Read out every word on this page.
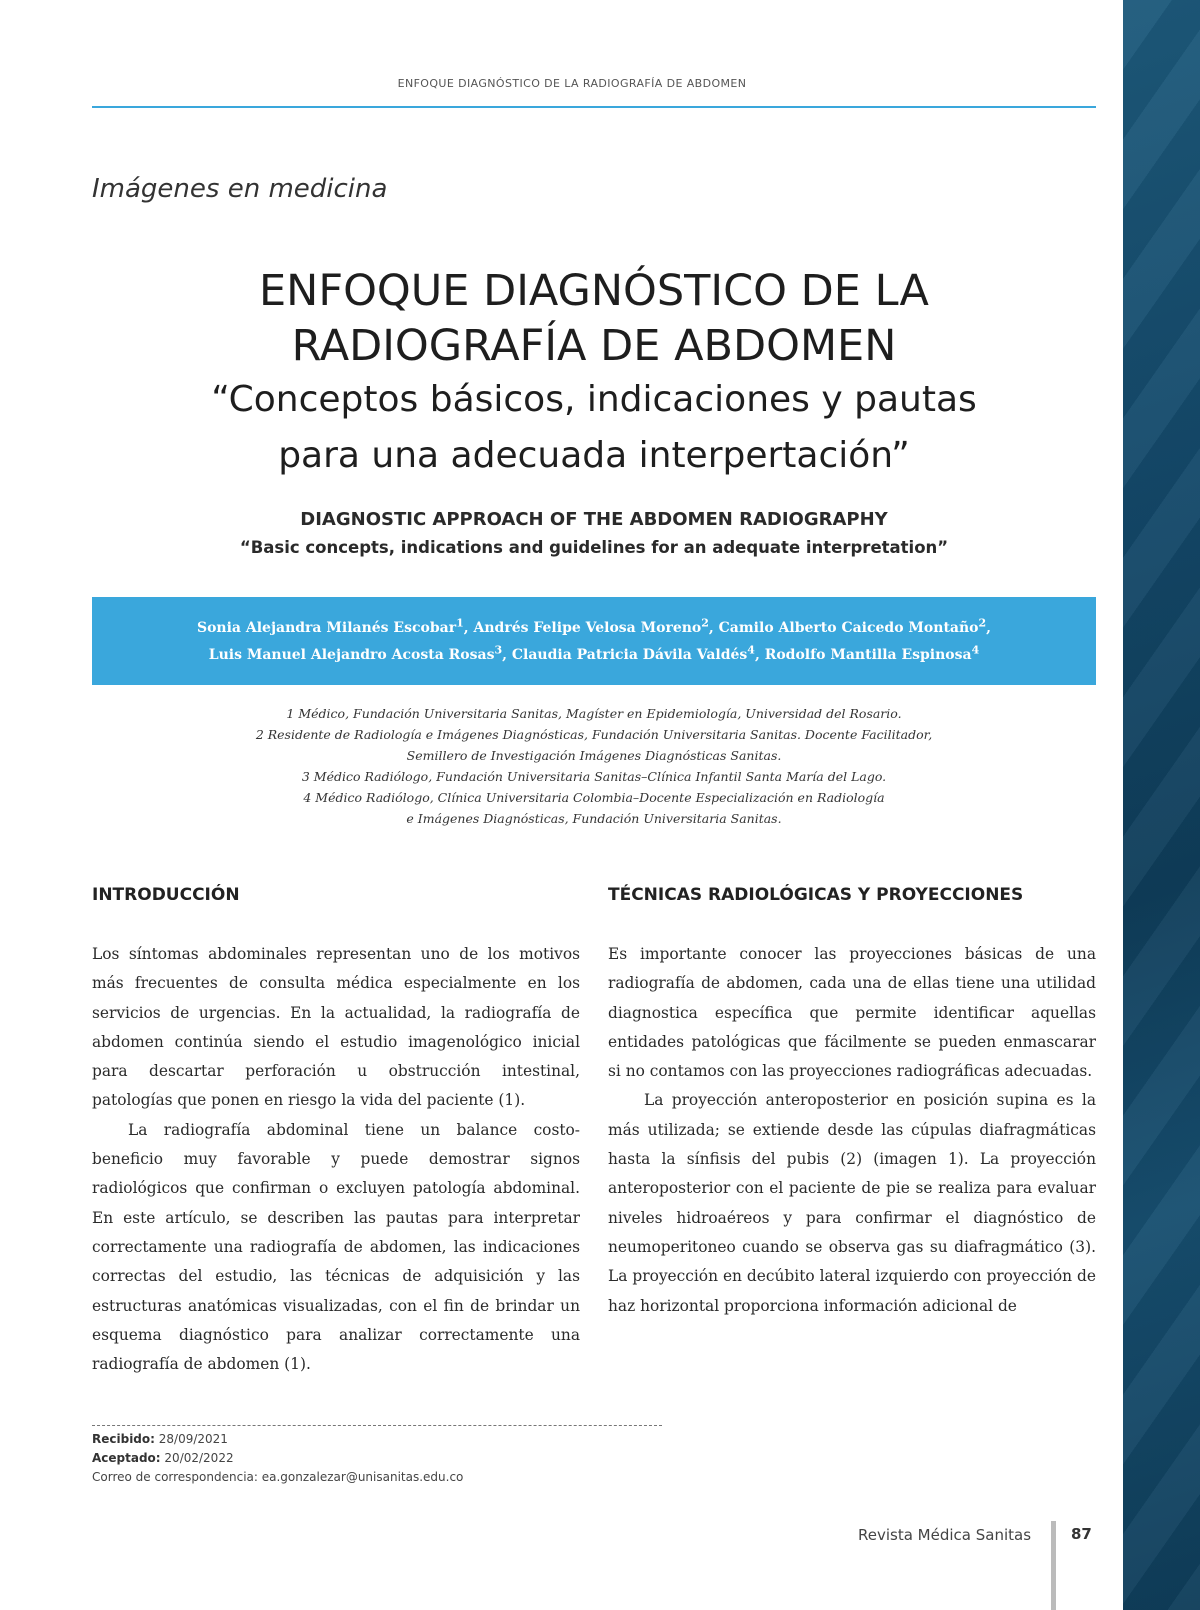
ENFOQUE DIAGNÓSTICO DE LA RADIOGRAFÍA DE ABDOMEN
Imágenes en medicina
ENFOQUE DIAGNÓSTICO DE LA
RADIOGRAFÍA DE ABDOMEN
“Conceptos básicos, indicaciones y pautas
para una adecuada interpertación”
DIAGNOSTIC APPROACH OF THE ABDOMEN RADIOGRAPHY
“Basic concepts, indications and guidelines for an adequate interpretation”
Sonia Alejandra Milanés Escobar$^1$, Andrés Felipe Velosa Moreno$^2$, Camilo Alberto Caicedo Montaño$^2$,
Luis Manuel Alejandro Acosta Rosas$^3$, Claudia Patricia Dávila Valdés$^4$, Rodolfo Mantilla Espinosa$^4$
1 Médico, Fundación Universitaria Sanitas, Magíster en Epidemiología, Universidad del Rosario.
2 Residente de Radiología e Imágenes Diagnósticas, Fundación Universitaria Sanitas. Docente Facilitador,
Semillero de Investigación Imágenes Diagnósticas Sanitas.
3 Médico Radiólogo, Fundación Universitaria Sanitas–Clínica Infantil Santa María del Lago.
4 Médico Radiólogo, Clínica Universitaria Colombia–Docente Especialización en Radiología
e Imágenes Diagnósticas, Fundación Universitaria Sanitas.
INTRODUCCIÓN	TÉCNICAS RADIOLÓGICAS Y PROYECCIONES

Los síntomas abdominales representan uno de los motivos más frecuentes de consulta médica especialmente en los servicios de urgencias. En la actualidad, la radiografía de abdomen continúa siendo el estudio imagenológico inicial para descartar perforación u obstrucción intestinal, patologías que ponen en riesgo la vida del paciente (1).

La radiografía abdominal tiene un balance costo-beneficio muy favorable y puede demostrar signos radiológicos que confirman o excluyen patología abdominal. En este artículo, se describen las pautas para interpretar correctamente una radiografía de abdomen, las indicaciones correctas del estudio, las técnicas de adquisición y las estructuras anatómicas visualizadas, con el fin de brindar un esquema diagnóstico para analizar correctamente una radiografía de abdomen (1).

Es importante conocer las proyecciones básicas de una radiografía de abdomen, cada una de ellas tiene una utilidad diagnostica específica que permite identificar aquellas entidades patológicas que fácilmente se pueden enmascarar si no contamos con las proyecciones radiográficas adecuadas.

La proyección anteroposterior en posición supina es la más utilizada; se extiende desde las cúpulas diafragmáticas hasta la sínfisis del pubis (2) (imagen 1). La proyección anteroposterior con el paciente de pie se realiza para evaluar niveles hidroaéreos y para confirmar el diagnóstico de neumoperitoneo cuando se observa gas su diafragmático (3). La proyección en decúbito lateral izquierdo con proyección de haz horizontal proporciona información adicional de

Recibido: 28/09/2021
Aceptado: 20/02/2022
Correo de correspondencia: ea.gonzalezar@unisanitas.edu.co
Revista Médica Sanitas	87
